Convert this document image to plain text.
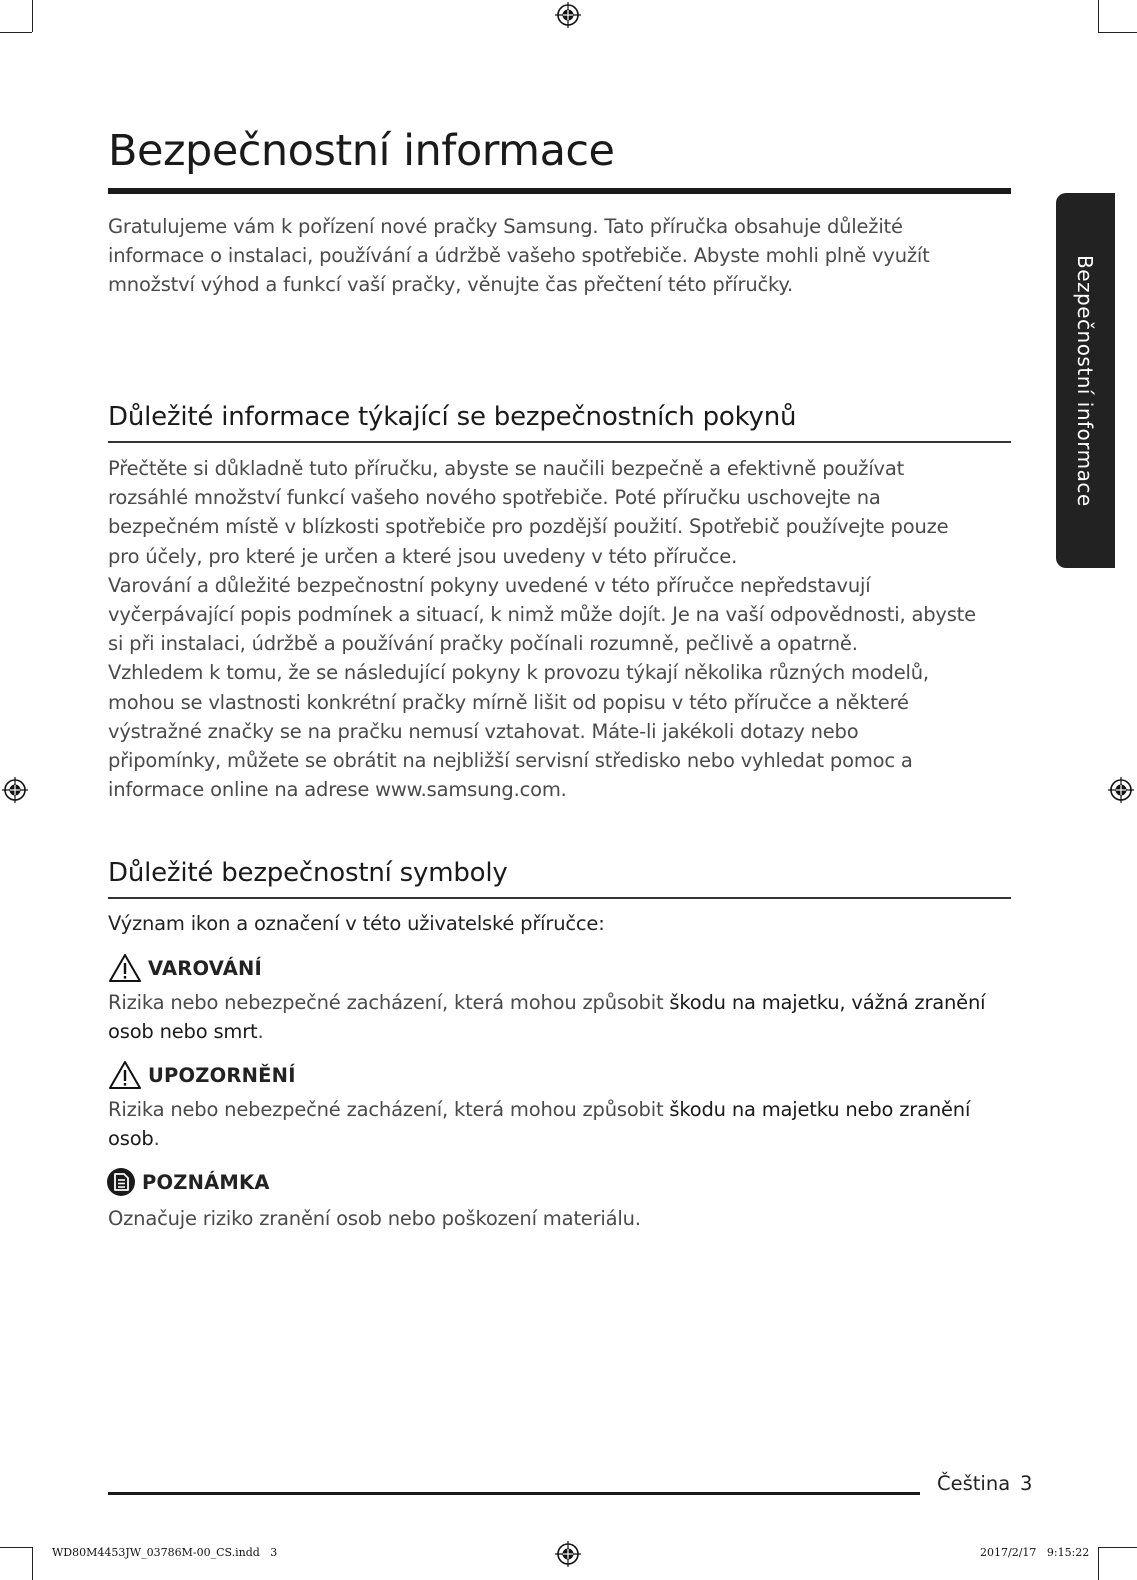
Bezpečnostní informace

Gratulujeme vám k pořízení nové pračky Samsung. Tato příručka obsahuje důležité
informace o instalaci, používání a údržbě vašeho spotřebiče. Abyste mohli plně využít
množství výhod a funkcí vaší pračky, věnujte čas přečtení této příručky.

Důležité informace týkající se bezpečnostních pokynů

Přečtěte si důkladně tuto příručku, abyste se naučili bezpečně a efektivně používat
rozsáhlé množství funkcí vašeho nového spotřebiče. Poté příručku uschovejte na
bezpečném místě v blízkosti spotřebiče pro pozdější použití. Spotřebič používejte pouze
pro účely, pro které je určen a které jsou uvedeny v této příručce.
Varování a důležité bezpečnostní pokyny uvedené v této příručce nepředstavují
vyčerpávající popis podmínek a situací, k nimž může dojít. Je na vaší odpovědnosti, abyste
si při instalaci, údržbě a používání pračky počínali rozumně, pečlivě a opatrně.
Vzhledem k tomu, že se následující pokyny k provozu týkají několika různých modelů,
mohou se vlastnosti konkrétní pračky mírně lišit od popisu v této příručce a některé
výstražné značky se na pračku nemusí vztahovat. Máte-li jakékoli dotazy nebo
připomínky, můžete se obrátit na nejbližší servisní středisko nebo vyhledat pomoc a
informace online na adrese www.samsung.com.

Důležité bezpečnostní symboly
Význam ikon a označení v této uživatelské příručce:
VAROVÁNÍ

Rizika nebo nebezpečné zacházení, která mohou způsobit škodu na majetku, vážná zranění
osob nebo smrt.

UPOZORNĚNÍ

Rizika nebo nebezpečné zacházení, která mohou způsobit škodu na majetku nebo zranění
osob.

POZNÁMKA

Označuje riziko zranění osob nebo poškození materiálu.

Bezpečnostní informace
Čeština 3
WD80M4453JW_03786M-00_CS.indd   3	2017/2/17   9:15:22
